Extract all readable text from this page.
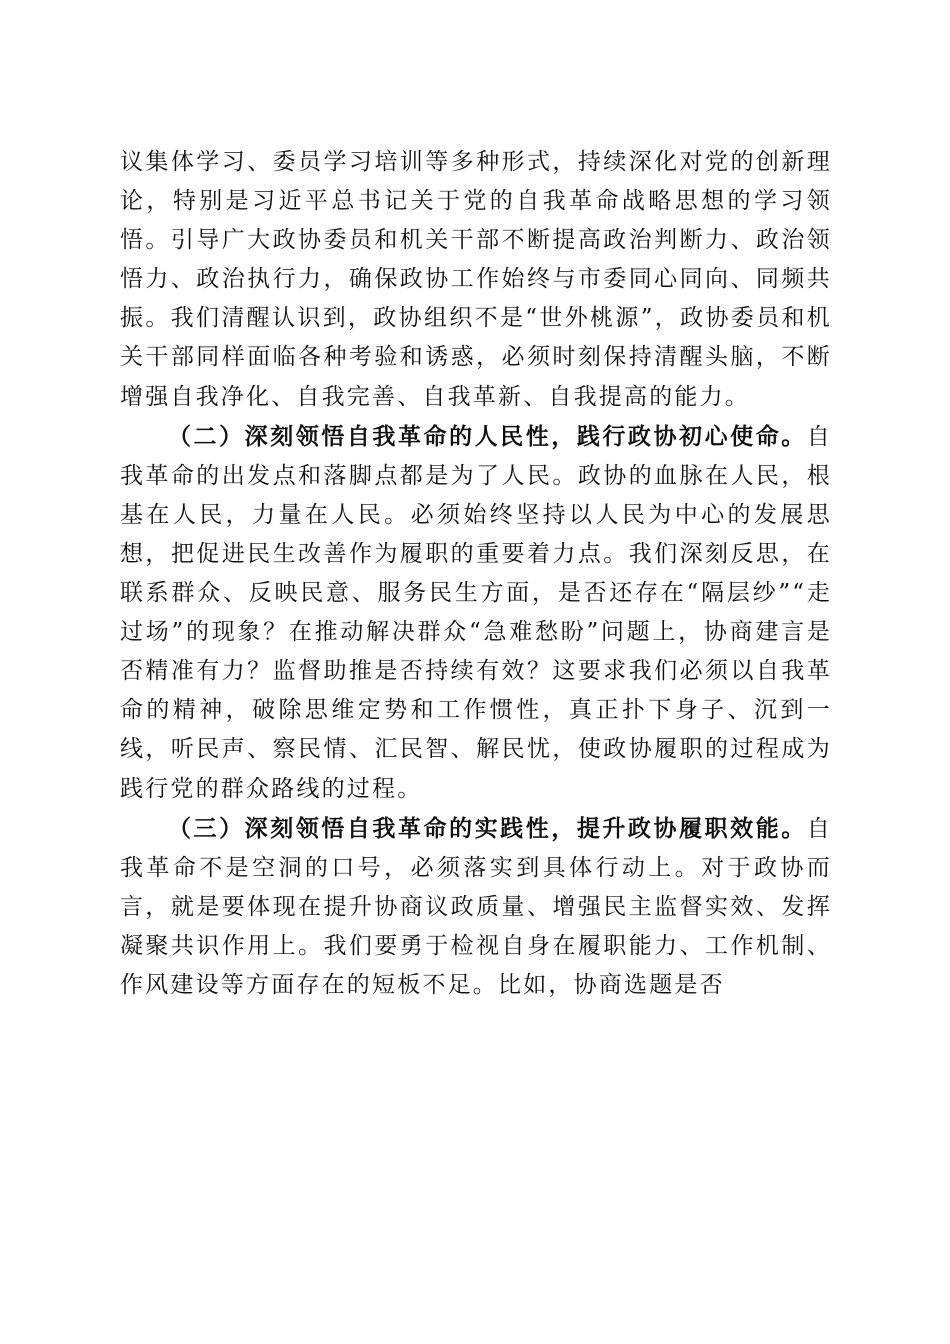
议集体学习、委员学习培训等多种形式，持续深化对党的创新理论，特别是习近平总书记关于党的自我革命战略思想的学习领悟。引导广大政协委员和机关干部不断提高政治判断力、政治领悟力、政治执行力，确保政协工作始终与市委同心同向、同频共振。我们清醒认识到，政协组织不是“世外桃源”，政协委员和机关干部同样面临各种考验和诱惑，必须时刻保持清醒头脑，不断增强自我净化、自我完善、自我革新、自我提高的能力。

（二）深刻领悟自我革命的人民性，践行政协初心使命。自我革命的出发点和落脚点都是为了人民。政协的血脉在人民，根基在人民，力量在人民。必须始终坚持以人民为中心的发展思想，把促进民生改善作为履职的重要着力点。我们深刻反思，在联系群众、反映民意、服务民生方面，是否还存在“隔层纱”“走过场”的现象？在推动解决群众“急难愁盼”问题上，协商建言是否精准有力？监督助推是否持续有效？这要求我们必须以自我革命的精神，破除思维定势和工作惯性，真正扑下身子、沉到一线，听民声、察民情、汇民智、解民忧，使政协履职的过程成为践行党的群众路线的过程。

（三）深刻领悟自我革命的实践性，提升政协履职效能。自我革命不是空洞的口号，必须落实到具体行动上。对于政协而言，就是要体现在提升协商议政质量、增强民主监督实效、发挥凝聚共识作用上。我们要勇于检视自身在履职能力、工作机制、作风建设等方面存在的短板不足。比如，协商选题是否
